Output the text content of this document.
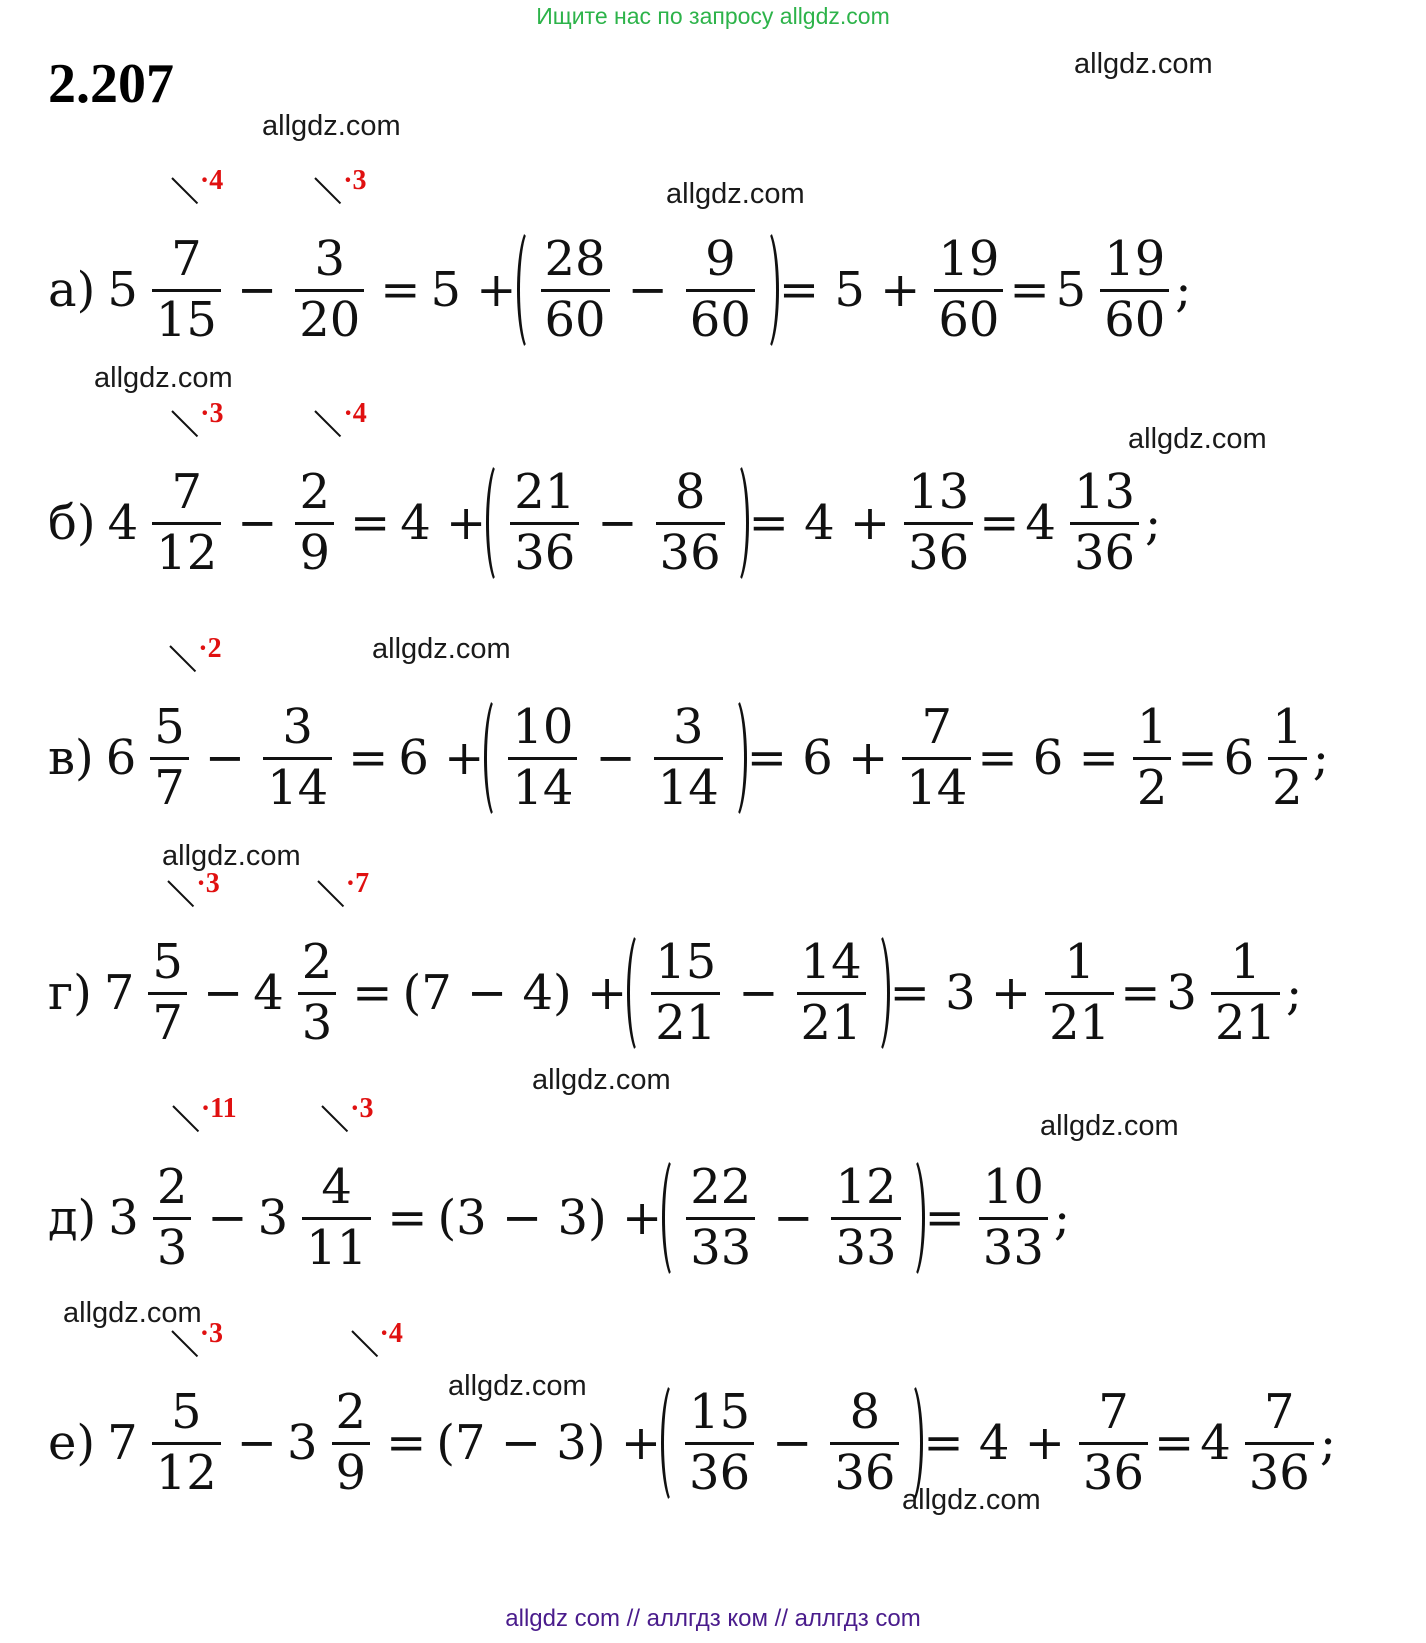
Ищите нас по запросу allgdz.com
2.207	allgdz.com
allgdz.com
allgdz.com
allgdz.com
allgdz.com
allgdz.com
allgdz.com
allgdz.com
allgdz.com
allgdz.com
allgdz.com
allgdz.com
а) 5
7
15
·4
−
3
20
·3
= $5 + \frac{28}{60} - \frac{9}{60} = 5 + \frac{19}{60} = 5 \frac{19}{60}$ ;
б) 4
7
12
·3
−
2
9
·4
= $4 + \frac{21}{36} - \frac{8}{36} = 4 + \frac{13}{36} = 4 \frac{13}{36}$ ;
в) 6
5
7
·2
− $\frac{3}{14} = 6 + \frac{10}{14} - \frac{3}{14} = 6 + \frac{7}{14} = 6 = \frac{1}{2} = 6 \frac{1}{2}$ ;
г) 7
5
7
·3
− 4
2
3
·7
= $(7 - 4) + \frac{15}{21} - \frac{14}{21} = 3 + \frac{1}{21} = 3 \frac{1}{21}$ ;
д) 3
2
3
·11
− 3
4
11
·3
= $(3 - 3) + \frac{22}{33} - \frac{12}{33} = \frac{10}{33}$ ;
е) 7
5
12
·3
− 3
2
9
·4
= $(7 - 3) + \frac{15}{36} - \frac{8}{36} = 4 + \frac{7}{36} = 4 \frac{7}{36}$ ;
allgdz com // аллгдз ком // аллгдз com
